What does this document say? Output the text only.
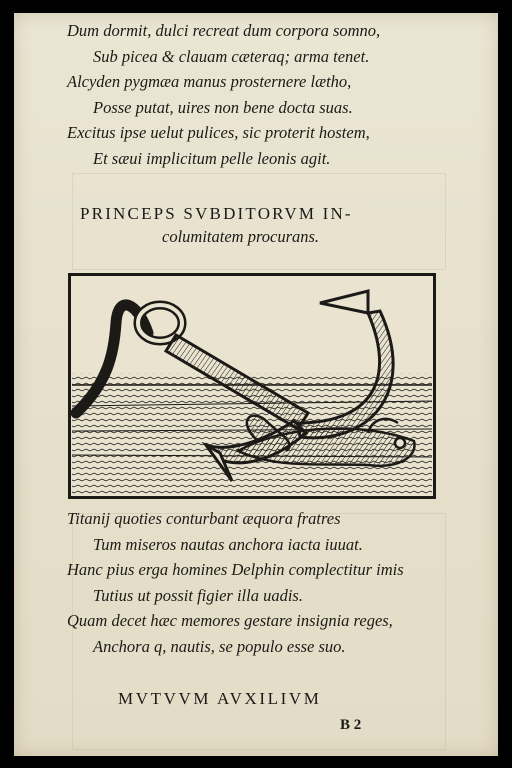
Dum dormit, dulci recreat dum corpora somno,
Sub picea & clauam cæteraq; arma tenet.
Alcyden pygmæa manus prosternere lætho,
Posse putat, uires non bene docta suas.
Excitus ipse uelut pulices, sic proterit hostem,
Et sæui implicitum pelle leonis agit.
PRINCEPS SVBDITORVM IN-
columitatem procurans.
Titanij quoties conturbant æquora fratres
Tum miseros nautas anchora iacta iuuat.
Hanc pius erga homines Delphin complectitur imis
Tutius ut possit figier illa uadis.
Quam decet hæc memores gestare insignia reges,
Anchora q, nautis, se populo esse suo.
MVTVVM AVXILIVM
B 2
